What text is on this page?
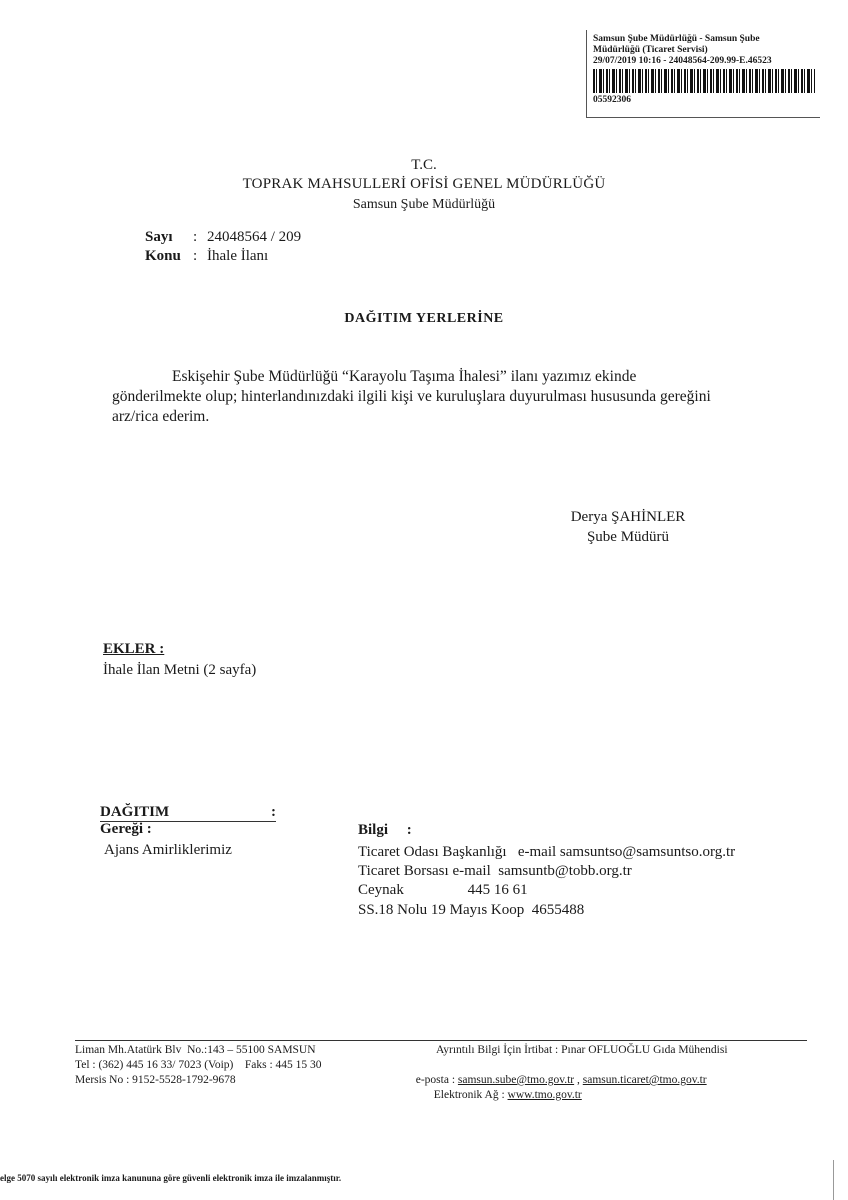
Samsun Şube Müdürlüğü - Samsun Şube
Müdürlüğü (Ticaret Servisi)
29/07/2019 10:16 - 24048564-209.99-E.46523
05592306
T.C.
TOPRAK MAHSULLERİ OFİSİ GENEL MÜDÜRLÜĞÜ
Samsun Şube Müdürlüğü
Sayı : 24048564 / 209
Konu : İhale İlanı
DAĞITIM YERLERİNE
Eskişehir Şube Müdürlüğü “Karayolu Taşıma İhalesi” ilanı yazımız ekinde gönderilmekte olup; hinterlandınızdaki ilgili kişi ve kuruluşlara duyurulması hususunda gereğini arz/rica ederim.
Derya ŞAHİNLER
Şube Müdürü
EKLER :
İhale İlan Metni (2 sayfa)
DAĞITIM	:
Gereği :
Ajans Amirliklerimiz
Bilgi     :
Ticaret Odası Başkanlığı   e-mail samsuntso@samsuntso.org.tr
Ticaret Borsası e-mail  samsuntb@tobb.org.tr
Ceynak                 445 16 61
SS.18 Nolu 19 Mayıs Koop  4655488
Liman Mh.Atatürk Blv  No.:143 – 55100 SAMSUN
Tel : (362) 445 16 33/ 7023 (Voip)    Faks : 445 15 30
Mersis No : 9152-5528-1792-9678
Ayrıntılı Bilgi İçin İrtibat : Pınar OFLUOĞLU Gıda Mühendisi

e-posta : samsun.sube@tmo.gov.tr , samsun.ticaret@tmo.gov.tr

Elektronik Ağ : www.tmo.gov.tr

elge 5070 sayılı elektronik imza kanununa göre güvenli elektronik imza ile imzalanmıştır.
